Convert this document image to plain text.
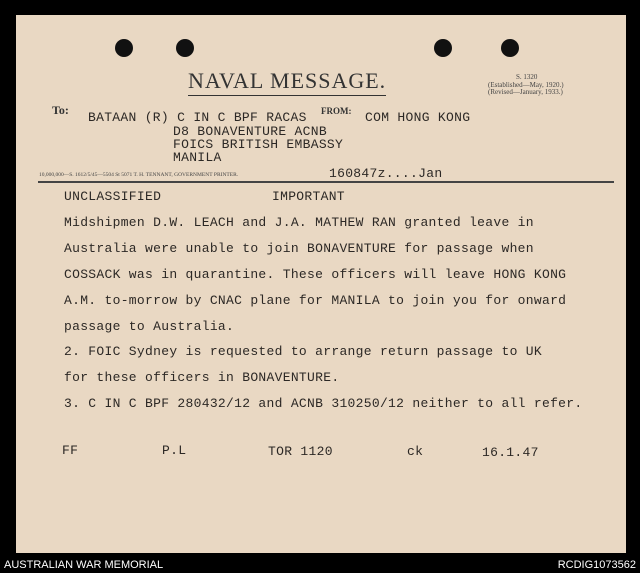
NAVAL MESSAGE.	S. 1320
(Established—May, 1920.)
(Revised—January, 1933.)
To:	FROM:
BATAAN (R) C IN C BPF RACAS
D8 BONAVENTURE ACNB
FOICS BRITISH EMBASSY
MANILA
COM HONG KONG
10,000,000—S. 1612/5/45—5504 St 5071 T. H. TENNANT, GOVERNMENT PRINTER.	160847z....Jan
UNCLASSIFIED	IMPORTANT
Midshipmen D.W. LEACH and J.A. MATHEW RAN granted leave in
Australia were unable to join BONAVENTURE for passage when
COSSACK was in quarantine. These officers will leave HONG KONG
A.M. to-morrow by CNAC plane for MANILA to join you for onward
passage to Australia.
2. FOIC Sydney is requested to arrange return passage to UK
for these officers in BONAVENTURE.
3. C IN C BPF 280432/12 and ACNB 310250/12 neither to all refer.
FF	P.L	TOR 1120	ck	16.1.47
AUSTRALIAN WAR MEMORIAL	RCDIG1073562
